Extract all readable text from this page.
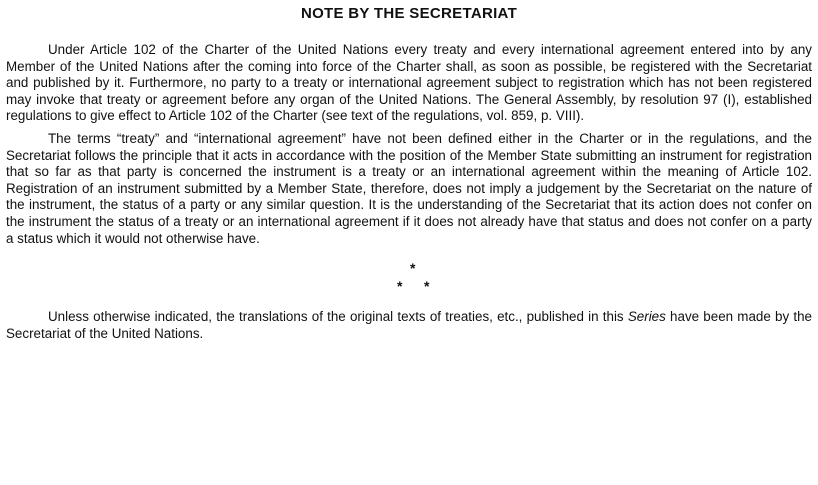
NOTE BY THE SECRETARIAT

Under Article 102 of the Charter of the United Nations every treaty and every international agreement entered into by any Member of the United Nations after the coming into force of the Charter shall, as soon as possible, be registered with the Secretariat and published by it. Furthermore, no party to a treaty or international agreement subject to registration which has not been registered may invoke that treaty or agreement before any organ of the United Nations. The General Assembly, by resolution 97 (I), established regulations to give effect to Article 102 of the Charter (see text of the regulations, vol. 859, p. VIII).

The terms “treaty” and “international agreement” have not been defined either in the Charter or in the regulations, and the Secretariat follows the principle that it acts in accordance with the position of the Member State submitting an instrument for registration that so far as that party is concerned the instrument is a treaty or an international agreement within the meaning of Article 102. Registration of an instrument submitted by a Member State, therefore, does not imply a judgement by the Secretariat on the nature of the instrument, the status of a party or any similar question. It is the understanding of the Secretariat that its action does not confer on the instrument the status of a treaty or an international agreement if it does not already have that status and does not confer on a party a status which it would not otherwise have.

*
* *

Unless otherwise indicated, the translations of the original texts of treaties, etc., published in this Series have been made by the Secretariat of the United Nations.
